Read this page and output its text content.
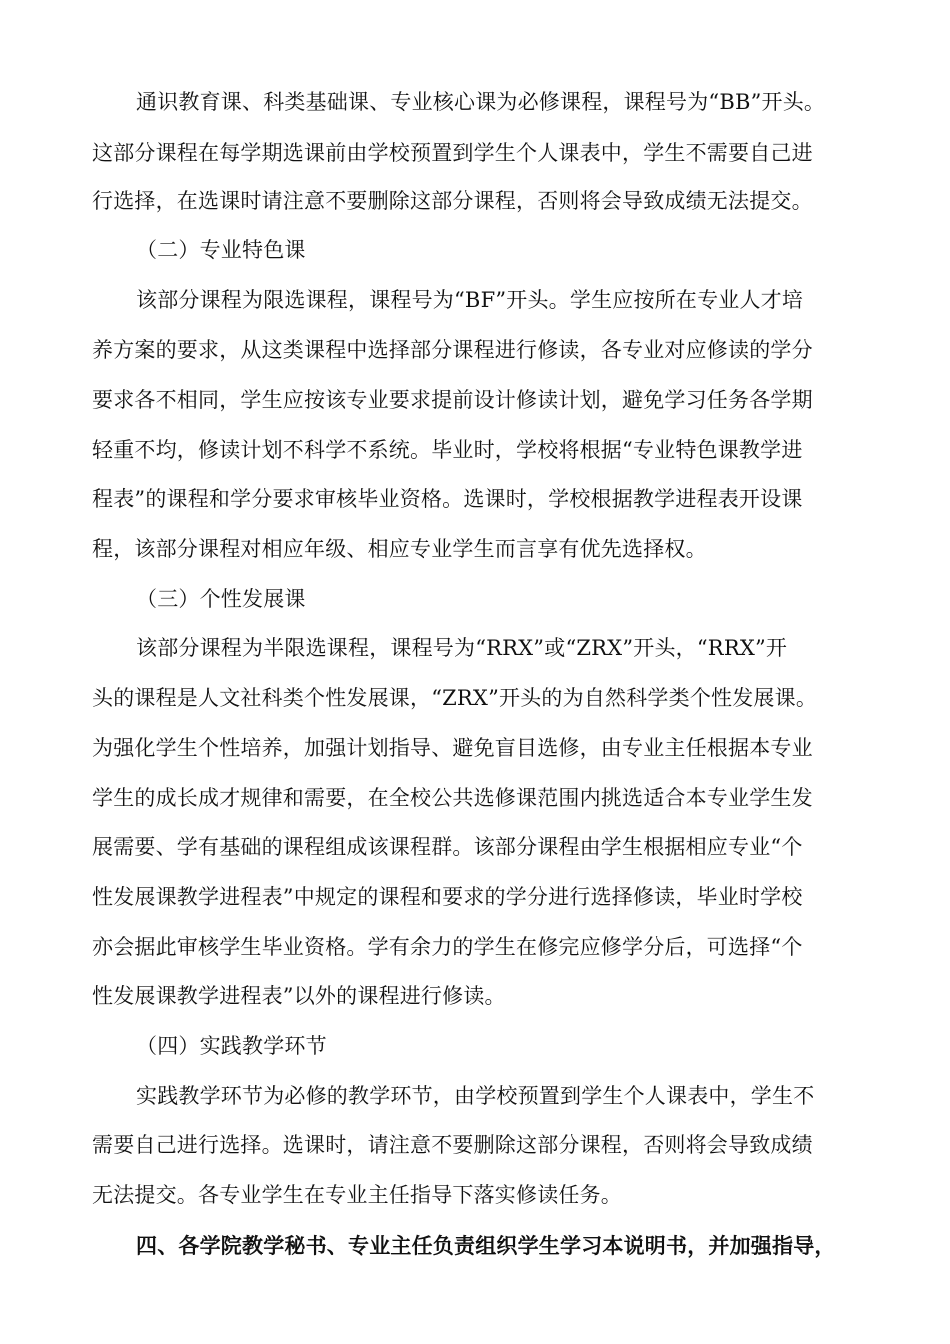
通识教育课、科类基础课、专业核心课为必修课程，课程号为“BB”开头。
这部分课程在每学期选课前由学校预置到学生个人课表中，学生不需要自己进
行选择，在选课时请注意不要删除这部分课程，否则将会导致成绩无法提交。
（二）专业特色课
该部分课程为限选课程，课程号为“BF”开头。学生应按所在专业人才培
养方案的要求，从这类课程中选择部分课程进行修读，各专业对应修读的学分
要求各不相同，学生应按该专业要求提前设计修读计划，避免学习任务各学期
轻重不均，修读计划不科学不系统。毕业时，学校将根据“专业特色课教学进
程表”的课程和学分要求审核毕业资格。选课时，学校根据教学进程表开设课
程，该部分课程对相应年级、相应专业学生而言享有优先选择权。
（三）个性发展课
该部分课程为半限选课程，课程号为“RRX”或“ZRX”开头，“RRX”开
头的课程是人文社科类个性发展课，“ZRX”开头的为自然科学类个性发展课。
为强化学生个性培养，加强计划指导、避免盲目选修，由专业主任根据本专业
学生的成长成才规律和需要，在全校公共选修课范围内挑选适合本专业学生发
展需要、学有基础的课程组成该课程群。该部分课程由学生根据相应专业“个
性发展课教学进程表”中规定的课程和要求的学分进行选择修读，毕业时学校
亦会据此审核学生毕业资格。学有余力的学生在修完应修学分后，可选择“个
性发展课教学进程表”以外的课程进行修读。
（四）实践教学环节
实践教学环节为必修的教学环节，由学校预置到学生个人课表中，学生不
需要自己进行选择。选课时，请注意不要删除这部分课程，否则将会导致成绩
无法提交。各专业学生在专业主任指导下落实修读任务。
四、各学院教学秘书、专业主任负责组织学生学习本说明书，并加强指导，
